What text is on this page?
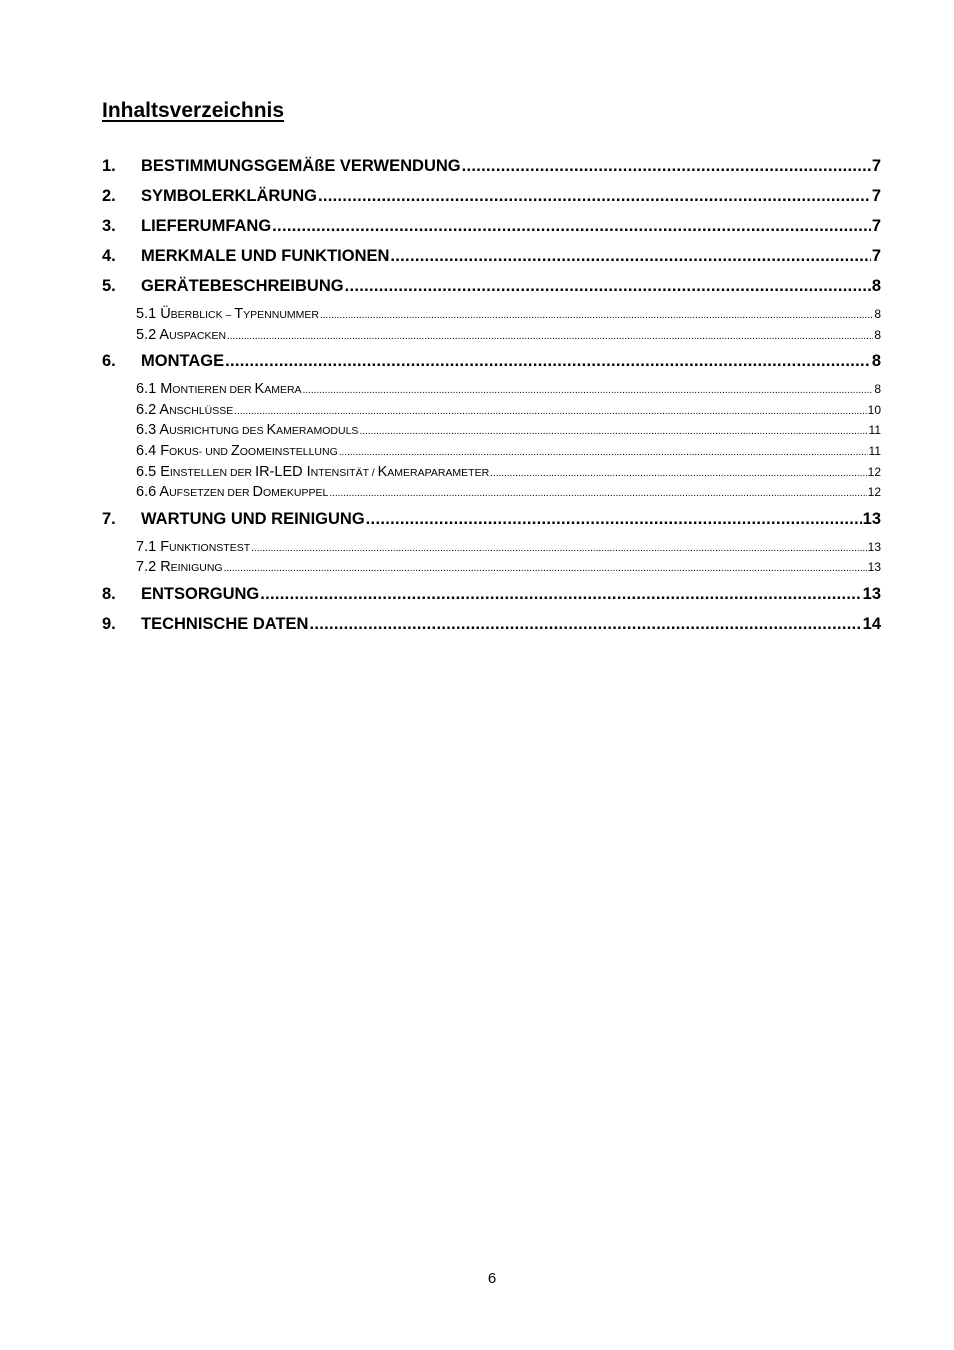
Inhaltsverzeichnis
1.	BESTIMMUNGSGEMÄßE VERWENDUNG .....	7
2.	SYMBOLERKLÄRUNG .....	7
3.	LIEFERUMFANG .....	7
4.	MERKMALE UND FUNKTIONEN .....	7
5.	GERÄTEBESCHREIBUNG .....	8
5.1 ÜBERBLICK – TYPENNUMMER .....	8
5.2 AUSPACKEN .....	8
6.	MONTAGE .....	8
6.1 MONTIEREN DER KAMERA .....	8
6.2 ANSCHLÜSSE .....	10
6.3 AUSRICHTUNG DES KAMERAMODULS .....	11
6.4 FOKUS- UND ZOOMEINSTELLUNG .....	11
6.5 EINSTELLEN DER IR-LED INTENSITÄT / KAMERAPARAMETER .....	12
6.6 AUFSETZEN DER DOMEKUPPEL .....	12
7.	WARTUNG UND REINIGUNG .....	13
7.1 FUNKTIONSTEST .....	13
7.2 REINIGUNG .....	13
8.	ENTSORGUNG .....	13
9.	TECHNISCHE DATEN .....	14
6
